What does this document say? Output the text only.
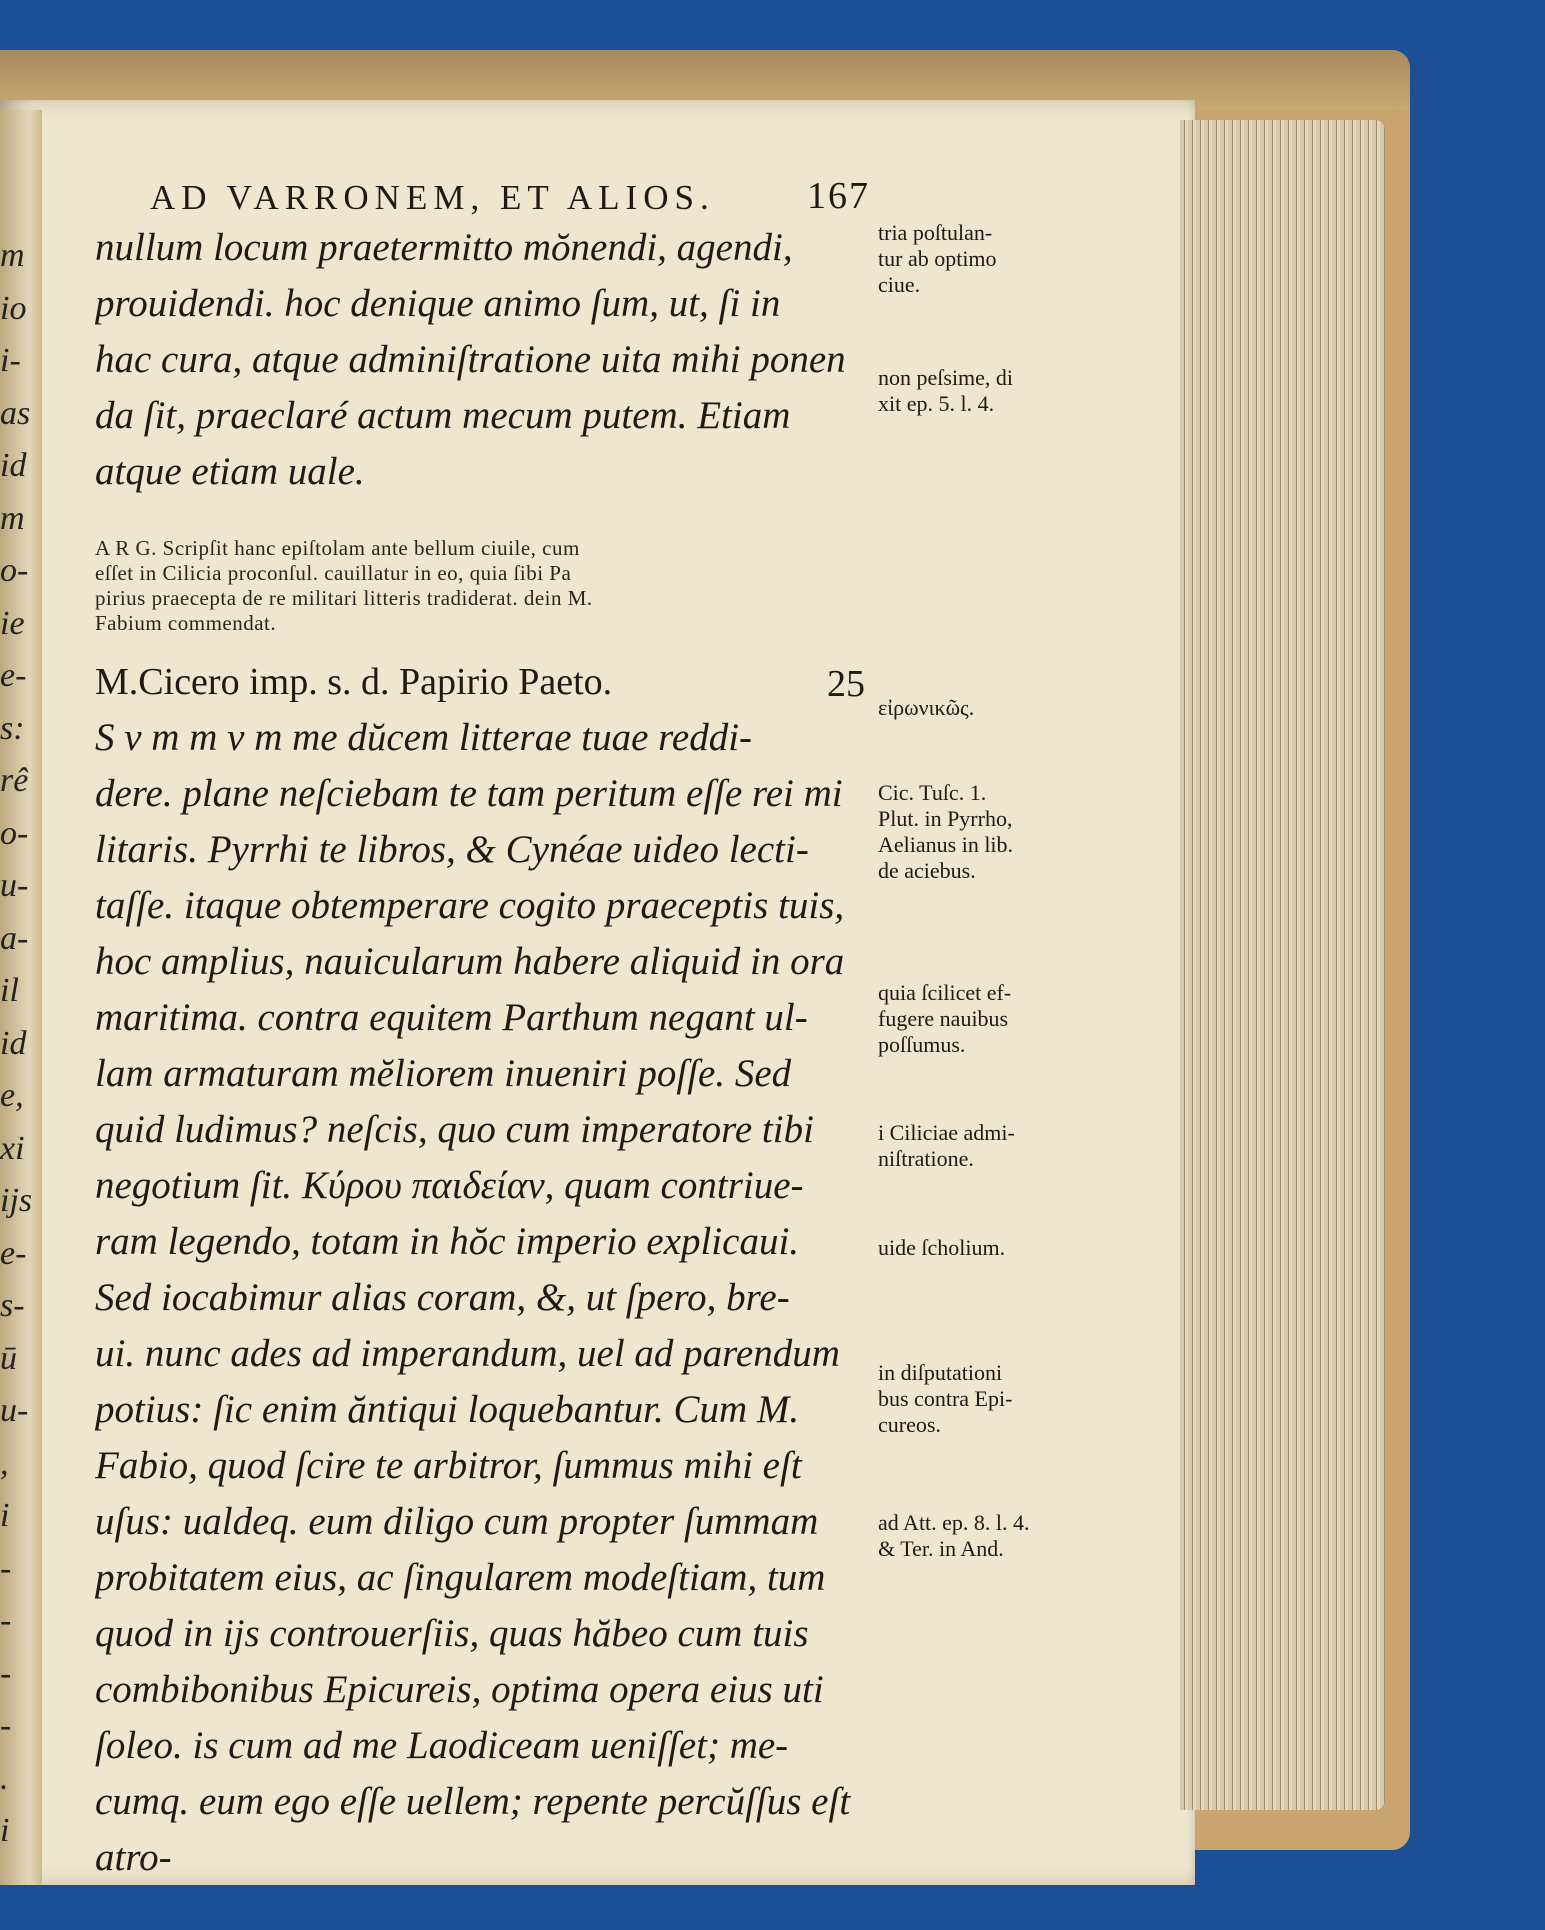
m
io
i-
as
id
m
o-
ie
e-
s:
rê
o-
u-
a-
il
id
e,
xi
ijs
e-
s-
ū
u-
,
i
-
-
-
-
.
i
AD VARRONEM, ET ALIOS. 167
nullum locum praetermitto mŏnendi, agendi,
prouidendi. hoc denique animo ſum, ut, ſi in
hac cura, atque adminiſtratione uita mihi ponen
da ſit, praeclaré actum mecum putem. Etiam
atque etiam uale.
A R G. Scripſit hanc epiſtolam ante bellum ciuile, cum
eſſet in Cilicia proconſul. cauillatur in eo, quia ſibi Pa
pirius praecepta de re militari litteris tradiderat. dein M.
Fabium commendat.
M.Cicero imp. s. d. Papirio Paeto.	25
S v m m v m me dŭcem litterae tuae reddi-
dere. plane neſciebam te tam peritum eſſe rei mi
litaris. Pyrrhi te libros, & Cynéae uideo lecti-
taſſe. itaque obtemperare cogito praeceptis tuis,
hoc amplius, nauicularum habere aliquid in ora
maritima. contra equitem Parthum negant ul-
lam armaturam mĕliorem inueniri poſſe. Sed
quid ludimus? neſcis, quo cum imperatore tibi
negotium ſit. Κύρου παιδείαν, quam contriue-
ram legendo, totam in hŏc imperio explicaui.
Sed iocabimur alias coram, &, ut ſpero, bre-
ui. nunc ades ad imperandum, uel ad parendum
potius: ſic enim ăntiqui loquebantur. Cum M.
Fabio, quod ſcire te arbitror, ſummus mihi eſt
uſus: ualdeq. eum diligo cum propter ſummam
probitatem eius, ac ſingularem modeſtiam, tum
quod in ijs controuerſiis, quas hăbeo cum tuis
combibonibus Epicureis, optima opera eius uti
ſoleo. is cum ad me Laodiceam ueniſſet; me-
cumq. eum ego eſſe uellem; repente percŭſſus eſt
atro-
tria poſtulan-
tur ab optimo
ciue.
non peſsime, di
xit ep. 5. l. 4.
εἰρωνικῶς.
Cic. Tuſc. 1.
Plut. in Pyrrho,
Aelianus in lib.
de aciebus.
quia ſcilicet ef-
fugere nauibus
poſſumus.
i Ciliciae admi-
niſtratione.
uide ſcholium.
in diſputationi
bus contra Epi-
cureos.
ad Att. ep. 8. l. 4.
& Ter. in And.
